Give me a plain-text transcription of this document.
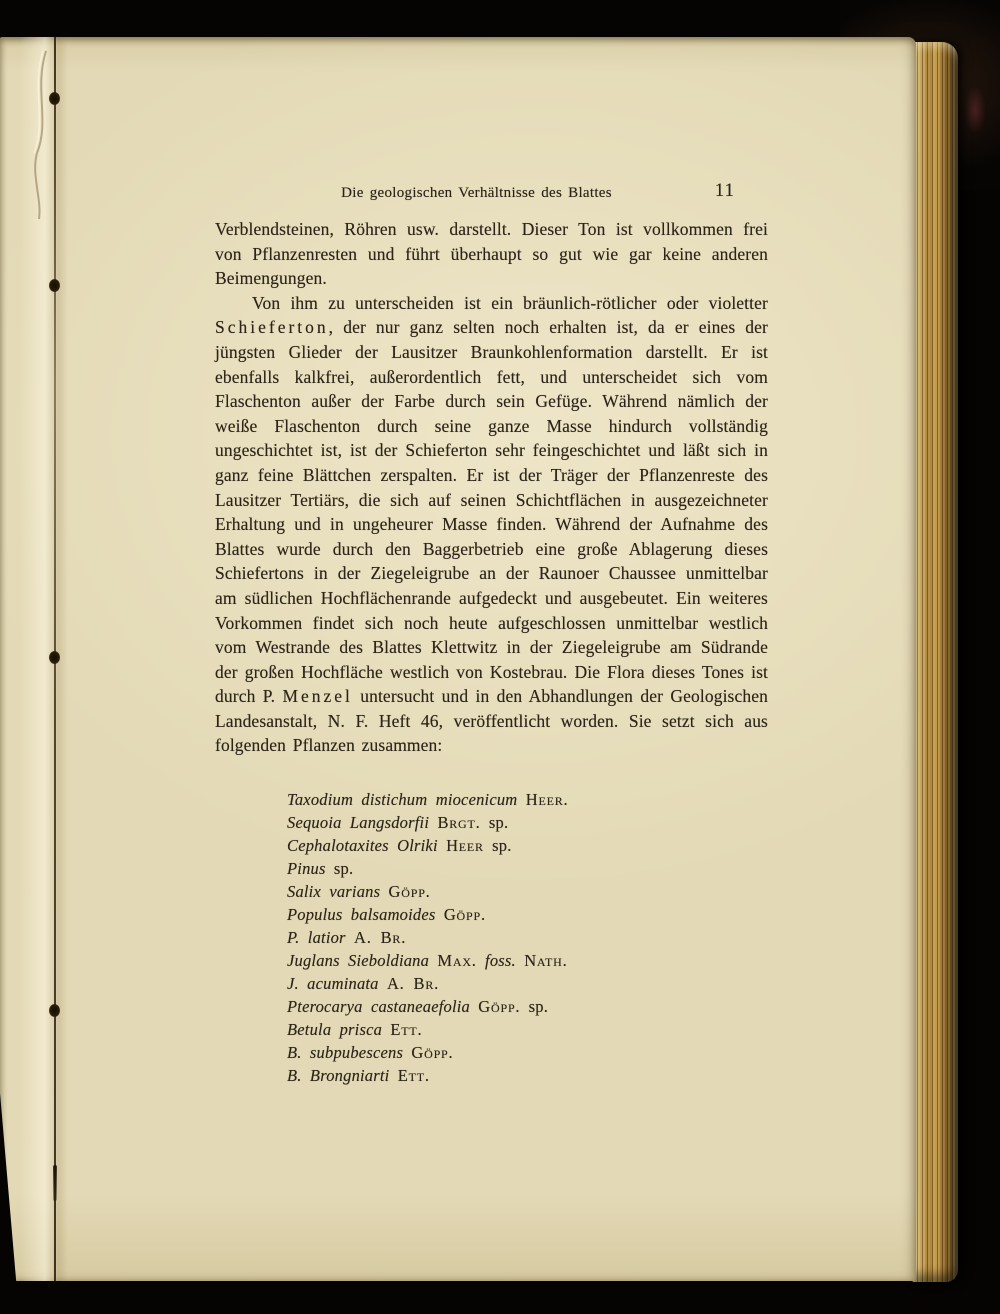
Die geologischen Verhältnisse des Blattes	11

Verblendsteinen, Röhren usw. darstellt. Dieser Ton ist vollkommen frei von Pflanzenresten und führt überhaupt so gut wie gar keine anderen Beimengungen.

Von ihm zu unterscheiden ist ein bräunlich-rötlicher oder violetter Schieferton, der nur ganz selten noch erhalten ist, da er eines der jüngsten Glieder der Lausitzer Braunkohlenformation darstellt. Er ist ebenfalls kalkfrei, außerordentlich fett, und unterscheidet sich vom Flaschenton außer der Farbe durch sein Gefüge. Während nämlich der weiße Flaschenton durch seine ganze Masse hindurch vollständig ungeschichtet ist, ist der Schieferton sehr feingeschichtet und läßt sich in ganz feine Blättchen zerspalten. Er ist der Träger der Pflanzenreste des Lausitzer Tertiärs, die sich auf seinen Schichtflächen in ausgezeichneter Erhaltung und in ungeheurer Masse finden. Während der Aufnahme des Blattes wurde durch den Baggerbetrieb eine große Ablagerung dieses Schiefertons in der Ziegeleigrube an der Raunoer Chaussee unmittelbar am südlichen Hochflächenrande aufgedeckt und ausgebeutet. Ein weiteres Vorkommen findet sich noch heute aufgeschlossen unmittelbar westlich vom Westrande des Blattes Klettwitz in der Ziegeleigrube am Südrande der großen Hochfläche westlich von Kostebrau. Die Flora dieses Tones ist durch P. Menzel untersucht und in den Abhandlungen der Geologischen Landesanstalt, N. F. Heft 46, veröffentlicht worden. Sie setzt sich aus folgenden Pflanzen zusammen:

Taxodium distichum miocenicum Heer.
Sequoia Langsdorfii Brgt. sp.
Cephalotaxites Olriki Heer sp.
Pinus sp.
Salix varians Göpp.
Populus balsamoides Göpp.
P. latior A. Br.
Juglans Sieboldiana Max. foss. Nath.
J. acuminata A. Br.
Pterocarya castaneaefolia Göpp. sp.
Betula prisca Ett.
B. subpubescens Göpp.
B. Brongniarti Ett.
